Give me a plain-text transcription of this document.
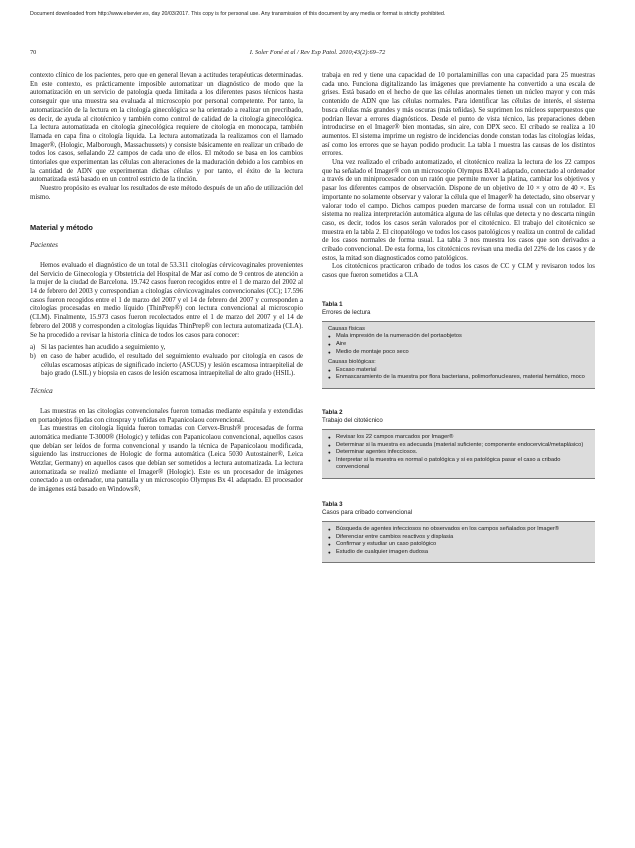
Document downloaded from http://www.elsevier.es, day 20/03/2017. This copy is for personal use. Any transmission of this document by any media or format is strictly prohibited.
70	I. Soler Foné et al / Rev Esp Patol. 2010;43(2):69–72

contexto clínico de los pacientes, pero que en general llevan a actitudes terapéuticas determinadas. En este contexto, es prácticamente imposible automatizar un diagnóstico de modo que la automatización en un servicio de patología queda limitada a los diferentes pasos técnicos hasta conseguir que una muestra sea evaluada al microscopio por personal competente. Por tanto, la automatización de la lectura en la citología ginecológica se ha orientado a realizar un precribado, es decir, de ayuda al citotécnico y también como control de calidad de la citología ginecológica. La lectura automatizada en citología ginecológica requiere de citología en monocapa, también llamada en capa fina o citología líquida. La lectura automatizada la realizamos con el llamado Imager®, (Hologic, Malborough, Massachussets) y consiste básicamente en realizar un cribado de todos los casos, señalando 22 campos de cada uno de ellos. El método se basa en los cambios tintoriales que experimentan las células con alteraciones de la maduración debido a los cambios en la cantidad de ADN que experimentan dichas células y por tanto, el éxito de la lectura automatizada está basado en un control estricto de la tinción.

Nuestro propósito es evaluar los resultados de este método después de un año de utilización del mismo.

Material y método
Pacientes

Hemos evaluado el diagnóstico de un total de 53.311 citologías cérvicovaginales provenientes del Servicio de Ginecología y Obstetricia del Hospital de Mar así como de 9 centros de atención a la mujer de la ciudad de Barcelona. 19.742 casos fueron recogidos entre el 1 de marzo del 2002 al 14 de febrero del 2003 y correspondian a citologías cérvicovaginales convencionales (CC); 17.596 casos fueron recogidos entre el 1 de marzo del 2007 y el 14 de febrero del 2007 y corresponden a citologías procesadas en medio líquido (ThinPrep®) con lectura convencional al microscopio (CLM). Finalmente, 15.973 casos fueron recolectados entre el 1 de marzo del 2007 y el 14 de febrero del 2008 y corresponden a citologías líquidas ThinPrep® con lectura automatizada (CLA). Se ha procedido a revisar la historia clínica de todos los casos para conocer:

a) Si las pacientes han acudido a seguimiento y,
b) en caso de haber acudido, el resultado del seguimiento evaluado por citología en casos de células escamosas atípicas de significado incierto (ASCUS) y lesión escamosa intraepitelial de bajo grado (LSIL) y biopsia en casos de lesión escamosa intraepitelial de alto grado (HSIL).
Técnica

Las muestras en las citologías convencionales fueron tomadas mediante espátula y extendidas en portaobjetos fijadas con citospray y teñidas en Papanicolaou convencional.

Las muestras en citología líquida fueron tomadas con Cervex-Brush® procesadas de forma automática mediante T-3000® (Hologic) y teñidas con Papanicolaou convencional, aquellos casos que debían ser leídos de forma convencional y usando la técnica de Papanicolaou modificada, siguiendo las instrucciones de Hologic de forma automática (Leica 5030 Autostainer®, Leica Wetzlar, Germany) en aquellos casos que debían ser sometidos a lectura automatizada. La lectura automatizada se realizó mediante el Imager® (Hologic). Este es un procesador de imágenes conectado a un ordenador, una pantalla y un microscopio Olympus Bx 41 adaptado. El procesador de imágenes está basado en Windows®,

trabaja en red y tiene una capacidad de 10 portalaminillas con una capacidad para 25 muestras cada uno. Funciona digitalizando las imágenes que previamente ha convertido a una escala de grises. Está basado en el hecho de que las células anormales tienen un núcleo mayor y con más contenido de ADN que las células normales. Para identificar las células de interés, el sistema busca células más grandes y más oscuras (más teñidas). Se suprimen los núcleos superpuestos que podrían llevar a errores diagnósticos. Desde el punto de vista técnico, las preparaciones deben introducirse en el Imager® bien montadas, sin aire, con DPX seco. El cribado se realiza a 10 aumentos. El sistema imprime un registro de incidencias donde constan todas las citologías leídas, así como los errores que se hayan podido producir. La tabla 1 muestra las causas de los distintos errores.

Una vez realizado el cribado automatizado, el citotécnico realiza la lectura de los 22 campos que ha señalado el Imager® con un microscopio Olympus BX41 adaptado, conectado al ordenador a través de un miniprocesador con un ratón que permite mover la platina, cambiar los objetivos y pasar los diferentes campos de observación. Dispone de un objetivo de 10 × y otro de 40 ×. Es importante no solamente observar y valorar la célula que el Imager® ha detectado, sino observar y valorar todo el campo. Dichos campos pueden marcarse de forma usual con un rotulador. El sistema no realiza interpretación automática alguna de las células que detecta y no descarta ningún caso, es decir, todos los casos serán valorados por el citotécnico. El trabajo del citotécnico se muestra en la tabla 2. El citopatólogo ve todos los casos patológicos y realiza un control de calidad de los casos normales de forma usual. La tabla 3 nos muestra los casos que son derivados a cribado convencional. De esta forma, los citotécnicos revisan una media del 22% de los casos y de estos, la mitad son diagnosticados como patológicos.

Los citotécnicos practicaron cribado de todos los casos de CC y CLM y revisaron todos los casos que fueron sometidos a CLA

Tabla 1
Errores de lectura
Causas físicas
● Mala impresión de la numeración del portaobjetos
● Aire
● Medio de montaje poco seco
Causas biológicas:
● Escaso material
● Enmascaramiento de la muestra por flora bacteriana, polimorfonucleares, material hemático, moco
Tabla 2
Trabajo del citotécnico
● Revisar los 22 campos marcados por Imager®
● Determinar si la muestra es adecuada (material suficiente; componente endocervical/metaplásico)
● Determinar agentes infecciosos.
● Interpretar si la muestra es normal o patológica y si es patológica pasar el caso a cribado convencional
Tabla 3
Casos para cribado convencional
● Búsqueda de agentes infecciosos no observados en los campos señalados por Imager®
● Diferenciar entre cambios reactivos y displasia
● Confirmar y estudiar un caso patológico
● Estudio de cualquier imagen dudosa
